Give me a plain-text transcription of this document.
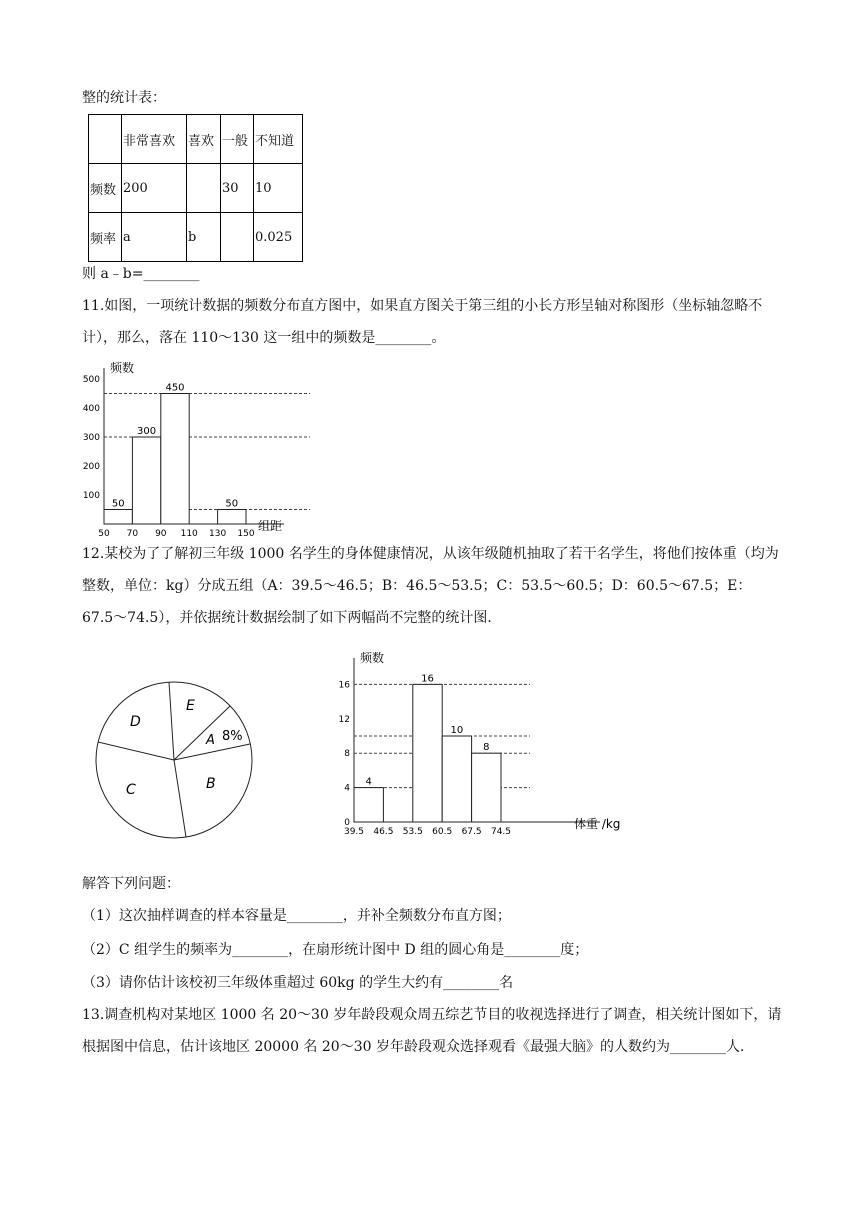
整的统计表：
	非常喜欢	喜欢	一般	不知道
频数	200		30	10
频率	a	b		0.025
则 a﹣b=________
11.如图，一项统计数据的频数分布直方图中，如果直方图关于第三组的小长方形呈轴对称图形（坐标轴忽略不计），那么，落在 110～130 这一组中的频数是________。
频数
组距
100
200
300
400
500
50 70 90 110 130 150
50
300
450
50
12.某校为了了解初三年级 1000 名学生的身体健康情况，从该年级随机抽取了若干名学生，将他们按体重（均为整数，单位：kg）分成五组（A：39.5～46.5；B：46.5～53.5；C：53.5～60.5；D：60.5～67.5；E：67.5～74.5），并依据统计数据绘制了如下两幅尚不完整的统计图．
D
E
A 8%
B
C
频数
体重 /kg
0
4
8
12
16
39.5 46.5 53.5 60.5 67.5 74.5
4
16
10
8
解答下列问题：
（1）这次抽样调查的样本容量是________，并补全频数分布直方图；
（2）C 组学生的频率为________，在扇形统计图中 D 组的圆心角是________度；
（3）请你估计该校初三年级体重超过 60kg 的学生大约有________名
13.调查机构对某地区 1000 名 20～30 岁年龄段观众周五综艺节目的收视选择进行了调查，相关统计图如下，请根据图中信息，估计该地区 20000 名 20～30 岁年龄段观众选择观看《最强大脑》的人数约为________人．
